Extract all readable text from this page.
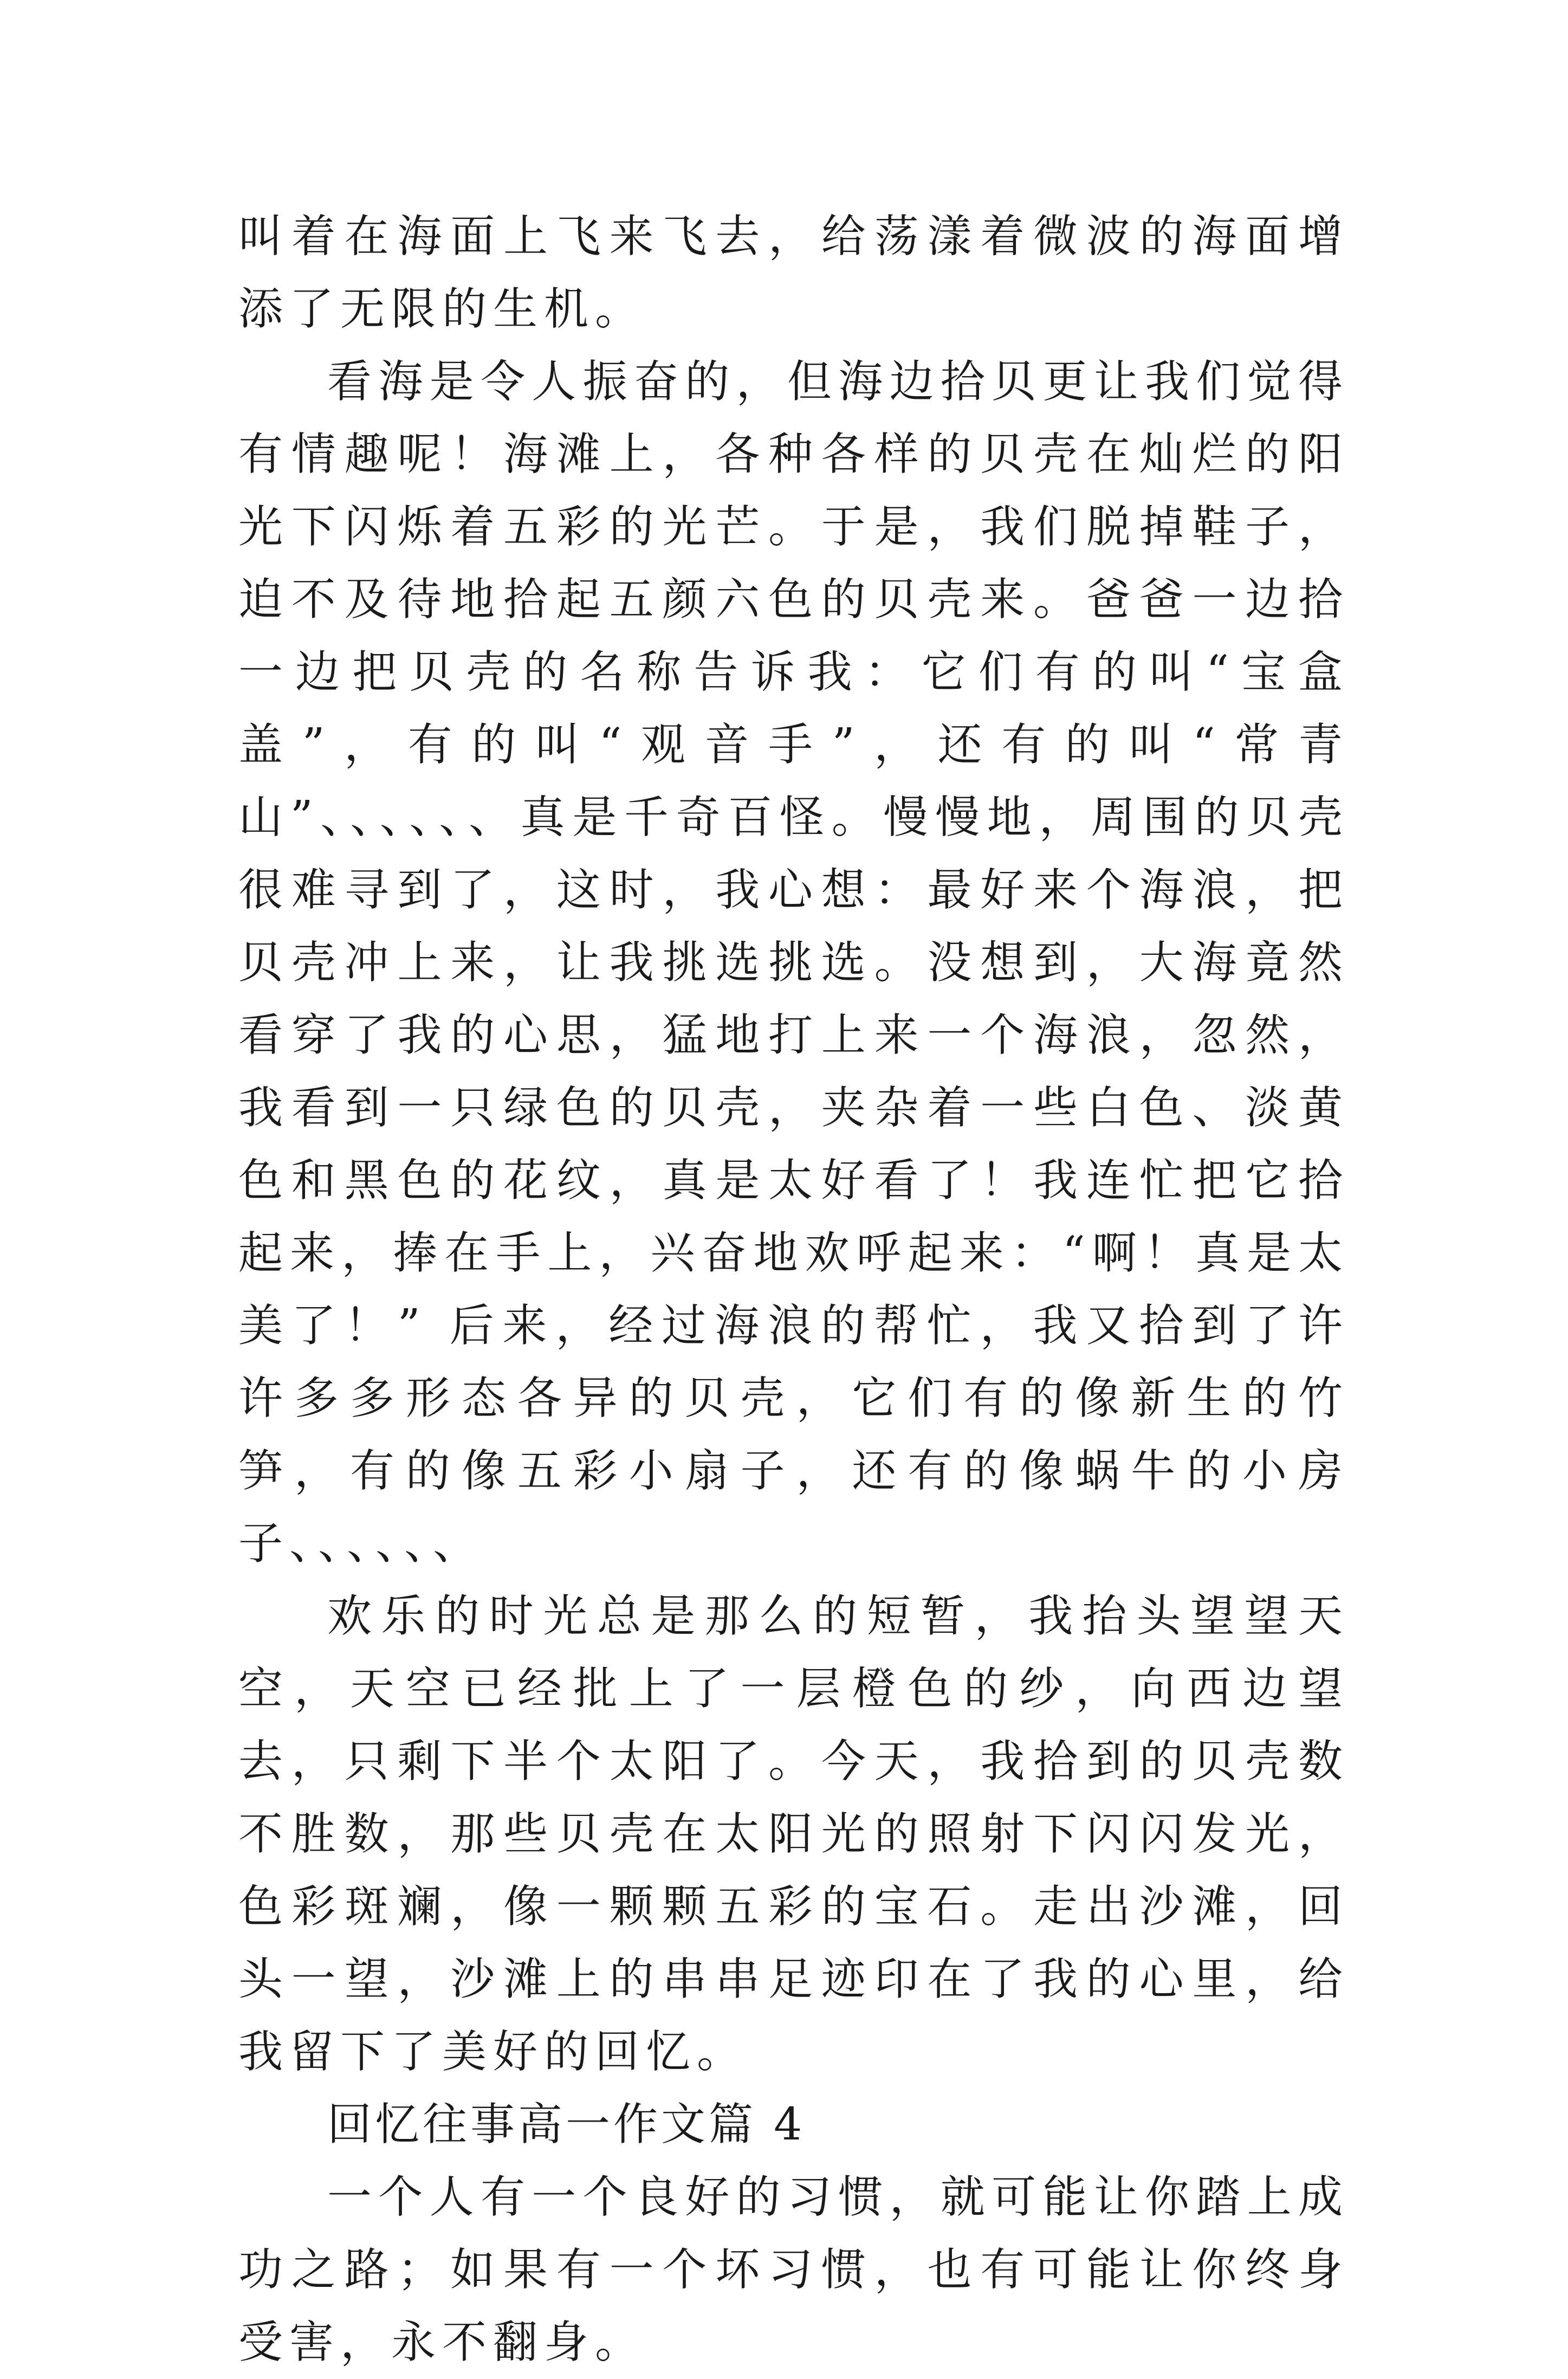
叫着在海面上飞来飞去，给荡漾着微波的海面增添了无限的生机。

看海是令人振奋的，但海边拾贝更让我们觉得有情趣呢！海滩上，各种各样的贝壳在灿烂的阳光下闪烁着五彩的光芒。于是，我们脱掉鞋子，迫不及待地拾起五颜六色的贝壳来。爸爸一边拾一边把贝壳的名称告诉我：它们有的叫“宝盒盖”，有的叫“观音手”，还有的叫“常青山”、、、、、、真是千奇百怪。慢慢地，周围的贝壳很难寻到了，这时，我心想：最好来个海浪，把贝壳冲上来，让我挑选挑选。没想到，大海竟然看穿了我的心思，猛地打上来一个海浪，忽然，我看到一只绿色的贝壳，夹杂着一些白色、淡黄色和黑色的花纹，真是太好看了！我连忙把它拾起来，捧在手上，兴奋地欢呼起来：“啊！真是太美了！” 后来，经过海浪的帮忙，我又拾到了许许多多形态各异的贝壳，它们有的像新生的竹笋，有的像五彩小扇子，还有的像蜗牛的小房子、、、、、、

欢乐的时光总是那么的短暂，我抬头望望天空，天空已经批上了一层橙色的纱，向西边望去，只剩下半个太阳了。今天，我拾到的贝壳数不胜数，那些贝壳在太阳光的照射下闪闪发光，色彩斑斓，像一颗颗五彩的宝石。走出沙滩，回头一望，沙滩上的串串足迹印在了我的心里，给我留下了美好的回忆。

回忆往事高一作文篇 4

一个人有一个良好的习惯，就可能让你踏上成功之路；如果有一个坏习惯，也有可能让你终身受害，永不翻身。
